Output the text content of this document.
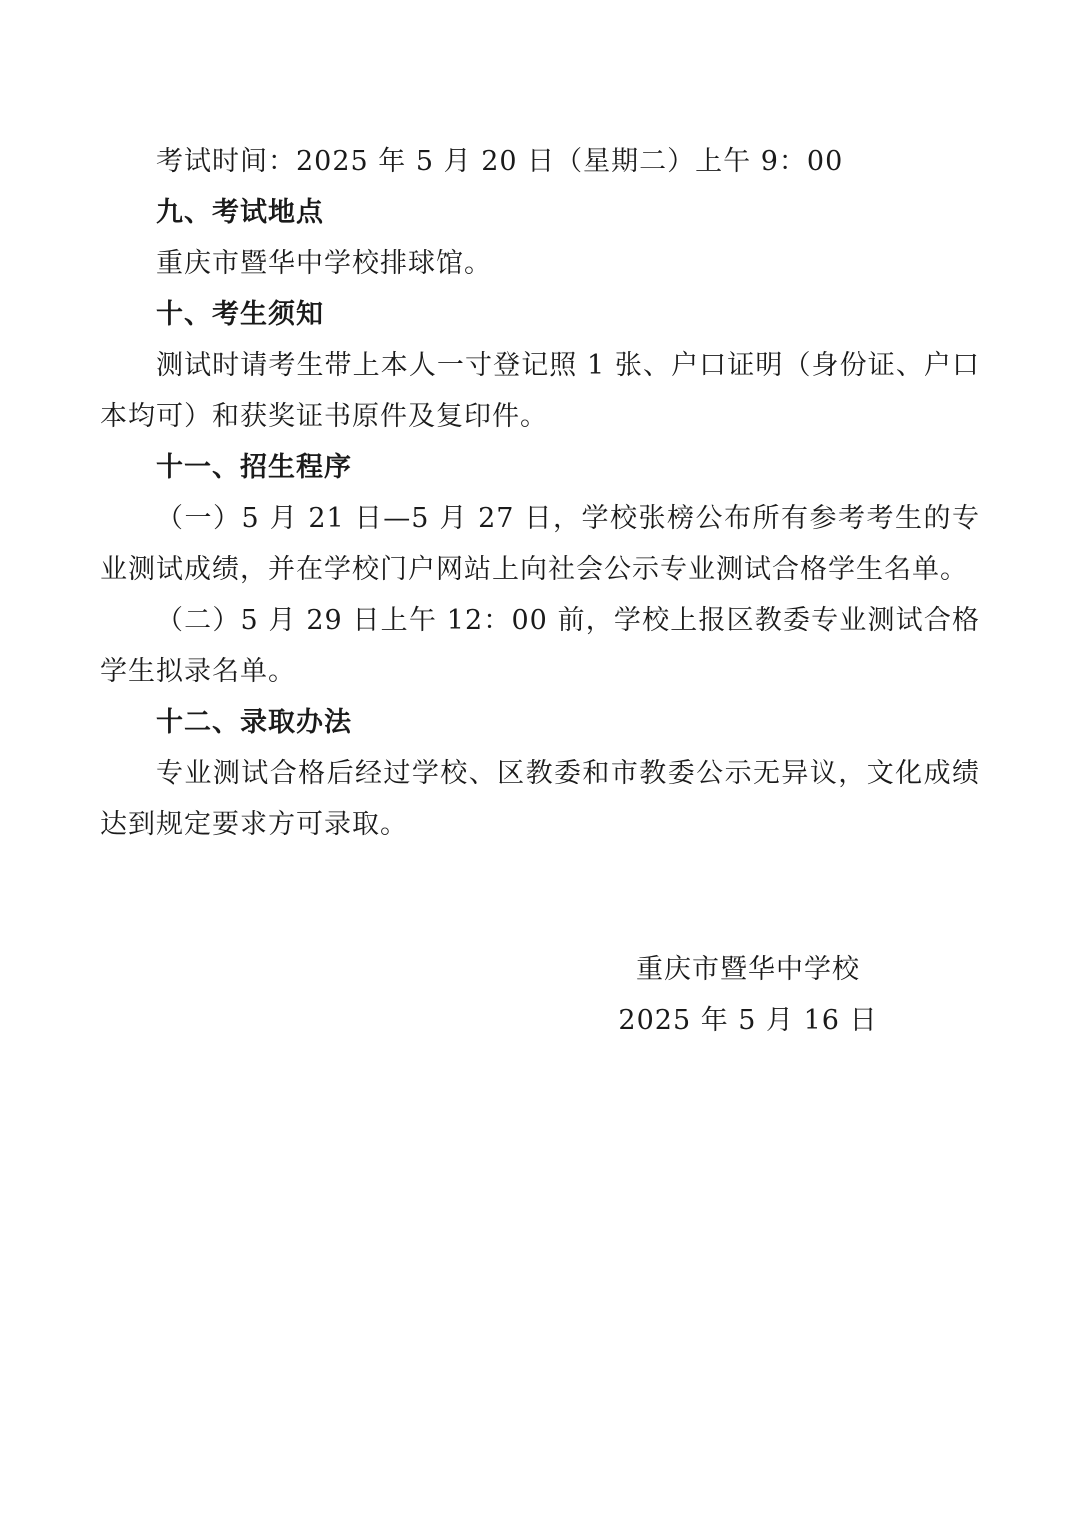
考试时间：2025 年 5 月 20 日（星期二）上午 9：00

九、考试地点

重庆市暨华中学校排球馆。

十、考生须知

测试时请考生带上本人一寸登记照 1 张、户口证明（身份证、户口本均可）和获奖证书原件及复印件。

十一、招生程序

（一）5 月 21 日—5 月 27 日，学校张榜公布所有参考考生的专业测试成绩，并在学校门户网站上向社会公示专业测试合格学生名单。

（二）5 月 29 日上午 12：00 前，学校上报区教委专业测试合格学生拟录名单。

十二、录取办法

专业测试合格后经过学校、区教委和市教委公示无异议，文化成绩达到规定要求方可录取。

重庆市暨华中学校
2025 年 5 月 16 日
